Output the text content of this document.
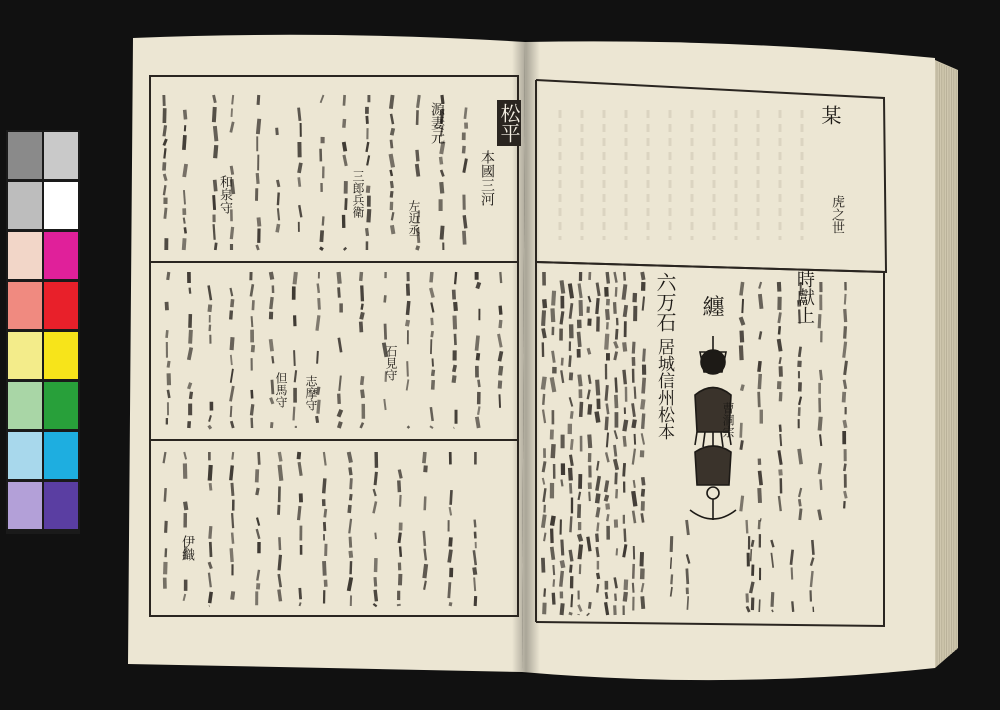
松平
本國三河
源妻元
左近丞
三郎兵衛
和泉守
但馬守
石見守
志摩守
伊織
六万石
居城信州松本
纏
曹洞宗
時獻上
某
虎之世
